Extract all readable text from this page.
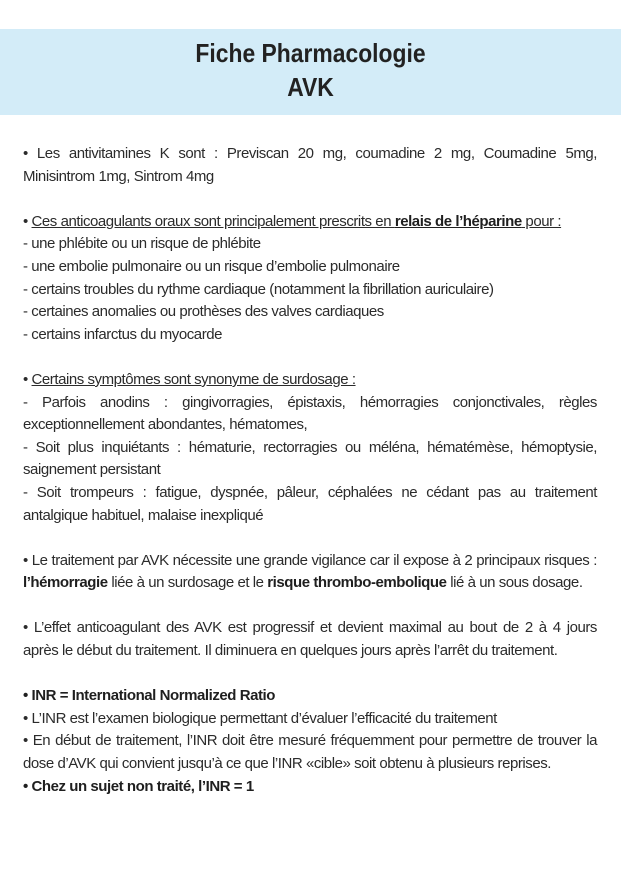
Fiche Pharmacologie
AVK

• Les antivitamines K sont : Previscan 20 mg, coumadine 2 mg, Coumadine 5mg, Minisintrom 1mg, Sintrom 4mg

• Ces anticoagulants oraux sont principalement prescrits en relais de l’héparine pour :

- une phlébite ou un risque de phlébite

- une embolie pulmonaire ou un risque d’embolie pulmonaire

- certains troubles du rythme cardiaque (notamment la fibrillation auriculaire)

- certaines anomalies ou prothèses des valves cardiaques

- certains infarctus du myocarde

• Certains symptômes sont synonyme de surdosage :

- Parfois anodins : gingivorragies, épistaxis, hémorragies conjonctivales, règles exceptionnellement abondantes, hématomes,

- Soit plus inquiétants : hématurie, rectorragies ou méléna, hématémèse, hémoptysie, saignement persistant

- Soit trompeurs : fatigue, dyspnée, pâleur, céphalées ne cédant pas au traitement antalgique habituel, malaise inexpliqué

• Le traitement par AVK nécessite une grande vigilance car il expose à 2 principaux risques : l’hémorragie liée à un surdosage et le risque thrombo-embolique lié à un sous dosage.

• L’effet anticoagulant des AVK est progressif et devient maximal au bout de 2 à 4 jours après le début du traitement. Il diminuera en quelques jours après l’arrêt du traitement.

• INR = International Normalized Ratio

• L’INR est l’examen biologique permettant d’évaluer l’efficacité du traitement

• En début de traitement, l’INR doit être mesuré fréquemment pour permettre de trouver la dose d’AVK qui convient jusqu’à ce que l’INR «cible» soit obtenu à plusieurs reprises.

• Chez un sujet non traité, l’INR = 1
